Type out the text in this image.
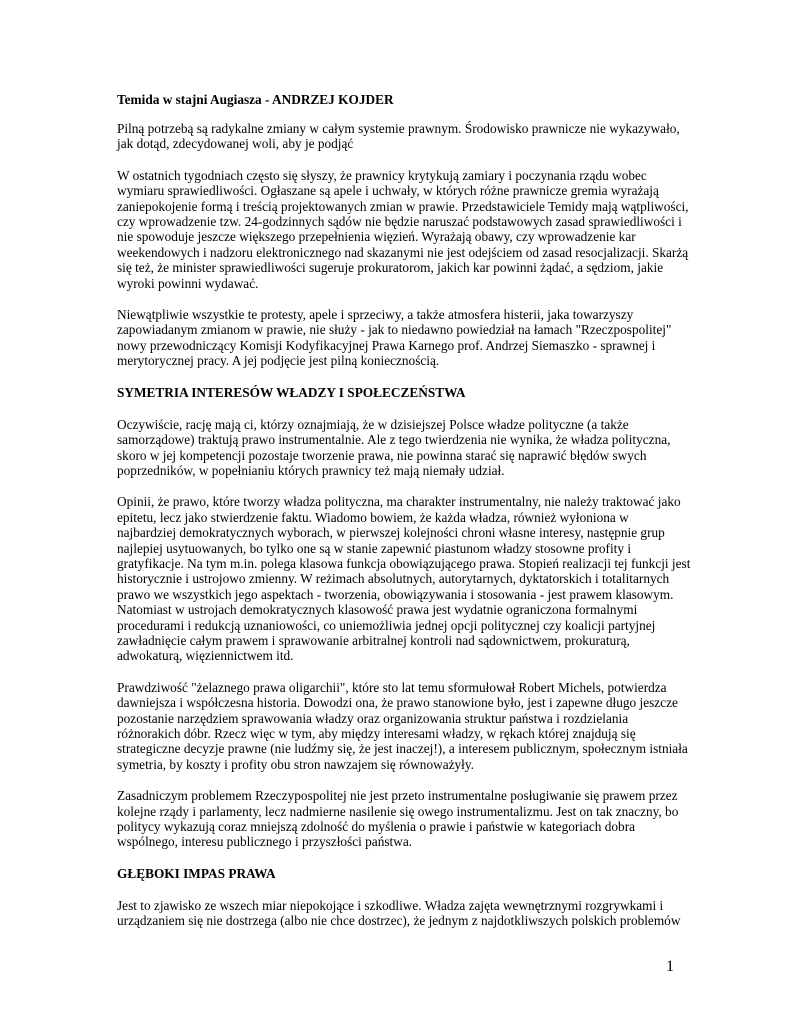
Temida w stajni Augiasza - ANDRZEJ KOJDER
Pilną potrzebą są radykalne zmiany w całym systemie prawnym. Środowisko prawnicze nie wykazywało,
jak dotąd, zdecydowanej woli, aby je podjąć
W ostatnich tygodniach często się słyszy, że prawnicy krytykują zamiary i poczynania rządu wobec
wymiaru sprawiedliwości. Ogłaszane są apele i uchwały, w których różne prawnicze gremia wyrażają
zaniepokojenie formą i treścią projektowanych zmian w prawie. Przedstawiciele Temidy mają wątpliwości,
czy wprowadzenie tzw. 24-godzinnych sądów nie będzie naruszać podstawowych zasad sprawiedliwości i
nie spowoduje jeszcze większego przepełnienia więzień. Wyrażają obawy, czy wprowadzenie kar
weekendowych i nadzoru elektronicznego nad skazanymi nie jest odejściem od zasad resocjalizacji. Skarżą
się też, że minister sprawiedliwości sugeruje prokuratorom, jakich kar powinni żądać, a sędziom, jakie
wyroki powinni wydawać.
Niewątpliwie wszystkie te protesty, apele i sprzeciwy, a także atmosfera histerii, jaka towarzyszy
zapowiadanym zmianom w prawie, nie służy - jak to niedawno powiedział na łamach "Rzeczpospolitej"
nowy przewodniczący Komisji Kodyfikacyjnej Prawa Karnego prof. Andrzej Siemaszko - sprawnej i
merytorycznej pracy. A jej podjęcie jest pilną koniecznością.
SYMETRIA INTERESÓW WŁADZY I SPOŁECZEŃSTWA
Oczywiście, rację mają ci, którzy oznajmiają, że w dzisiejszej Polsce władze polityczne (a także
samorządowe) traktują prawo instrumentalnie. Ale z tego twierdzenia nie wynika, że władza polityczna,
skoro w jej kompetencji pozostaje tworzenie prawa, nie powinna starać się naprawić błędów swych
poprzedników, w popełnianiu których prawnicy też mają niemały udział.
Opinii, że prawo, które tworzy władza polityczna, ma charakter instrumentalny, nie należy traktować jako
epitetu, lecz jako stwierdzenie faktu. Wiadomo bowiem, że każda władza, również wyłoniona w
najbardziej demokratycznych wyborach, w pierwszej kolejności chroni własne interesy, następnie grup
najlepiej usytuowanych, bo tylko one są w stanie zapewnić piastunom władzy stosowne profity i
gratyfikacje. Na tym m.in. polega klasowa funkcja obowiązującego prawa. Stopień realizacji tej funkcji jest
historycznie i ustrojowo zmienny. W reżimach absolutnych, autorytarnych, dyktatorskich i totalitarnych
prawo we wszystkich jego aspektach - tworzenia, obowiązywania i stosowania - jest prawem klasowym.
Natomiast w ustrojach demokratycznych klasowość prawa jest wydatnie ograniczona formalnymi
procedurami i redukcją uznaniowości, co uniemożliwia jednej opcji politycznej czy koalicji partyjnej
zawładnięcie całym prawem i sprawowanie arbitralnej kontroli nad sądownictwem, prokuraturą,
adwokaturą, więziennictwem itd.
Prawdziwość "żelaznego prawa oligarchii", które sto lat temu sformułował Robert Michels, potwierdza
dawniejsza i współczesna historia. Dowodzi ona, że prawo stanowione było, jest i zapewne długo jeszcze
pozostanie narzędziem sprawowania władzy oraz organizowania struktur państwa i rozdzielania
różnorakich dóbr. Rzecz więc w tym, aby między interesami władzy, w rękach której znajdują się
strategiczne decyzje prawne (nie ludźmy się, że jest inaczej!), a interesem publicznym, społecznym istniała
symetria, by koszty i profity obu stron nawzajem się równoważyły.
Zasadniczym problemem Rzeczypospolitej nie jest przeto instrumentalne posługiwanie się prawem przez
kolejne rządy i parlamenty, lecz nadmierne nasilenie się owego instrumentalizmu. Jest on tak znaczny, bo
politycy wykazują coraz mniejszą zdolność do myślenia o prawie i państwie w kategoriach dobra
wspólnego, interesu publicznego i przyszłości państwa.
GŁĘBOKI IMPAS PRAWA
Jest to zjawisko ze wszech miar niepokojące i szkodliwe. Władza zajęta wewnętrznymi rozgrywkami i
urządzaniem się nie dostrzega (albo nie chce dostrzec), że jednym z najdotkliwszych polskich problemów
1
